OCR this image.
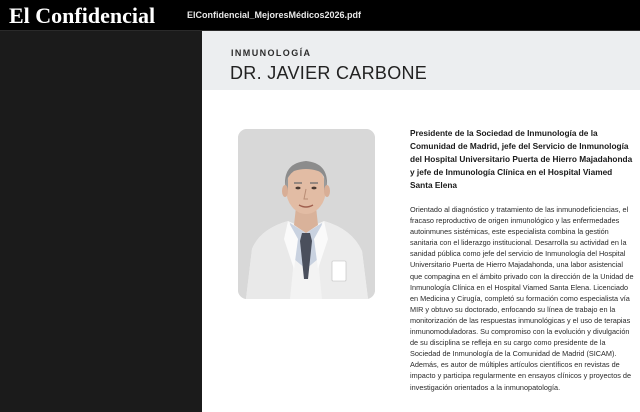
El Confidencial	ElConfidencial_MejoresMédicos2026.pdf
INMUNOLOGÍA
DR. JAVIER CARBONE

Presidente de la Sociedad de Inmunología de la Comunidad de Madrid, jefe del Servicio de Inmunología del Hospital Universitario Puerta de Hierro Majadahonda y jefe de Inmunología Clínica en el Hospital Viamed Santa Elena

Orientado al diagnóstico y tratamiento de las inmunodeficiencias, el fracaso reproductivo de origen inmunológico y las enfermedades autoinmunes sistémicas, este especialista combina la gestión sanitaria con el liderazgo institucional. Desarrolla su actividad en la sanidad pública como jefe del servicio de Inmunología del Hospital Universitario Puerta de Hierro Majadahonda, una labor asistencial que compagina en el ámbito privado con la dirección de la Unidad de Inmunología Clínica en el Hospital Viamed Santa Elena. Licenciado en Medicina y Cirugía, completó su formación como especialista vía MIR y obtuvo su doctorado, enfocando su línea de trabajo en la monitorización de las respuestas inmunológicas y el uso de terapias inmunomoduladoras. Su compromiso con la evolución y divulgación de su disciplina se refleja en su cargo como presidente de la Sociedad de Inmunología de la Comunidad de Madrid (SICAM). Además, es autor de múltiples artículos científicos en revistas de impacto y participa regularmente en ensayos clínicos y proyectos de investigación orientados a la inmunopatología.
